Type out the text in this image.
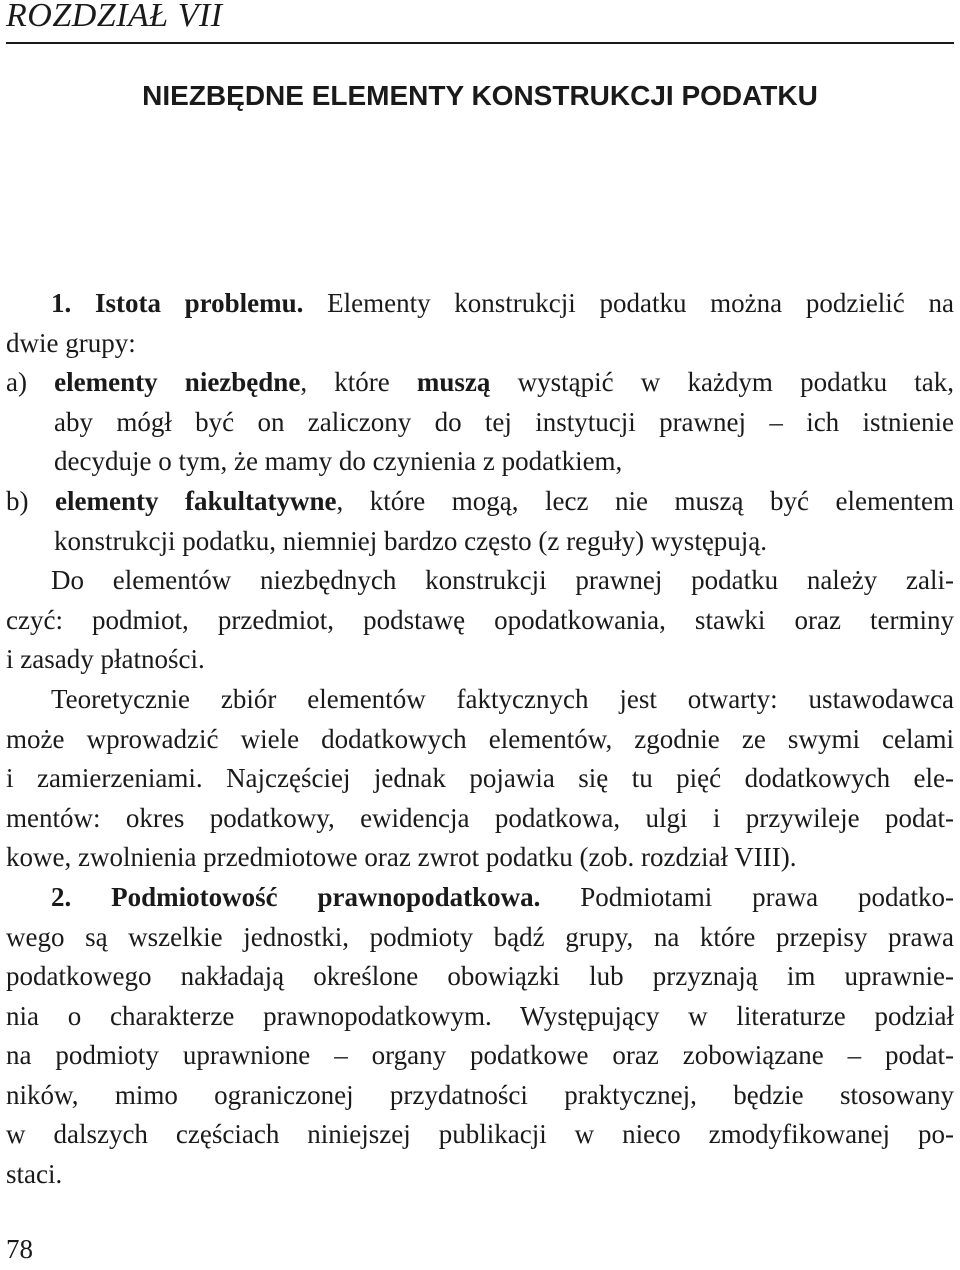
ROZDZIAŁ VII
NIEZBĘDNE ELEMENTY KONSTRUKCJI PODATKU
1. Istota problemu. Elementy konstrukcji podatku można podzielić na
dwie grupy:
a) elementy niezbędne, które muszą wystąpić w każdym podatku tak,
aby mógł być on zaliczony do tej instytucji prawnej – ich istnienie
decyduje o tym, że mamy do czynienia z podatkiem,
b) elementy fakultatywne, które mogą, lecz nie muszą być elementem
konstrukcji podatku, niemniej bardzo często (z reguły) występują.
Do elementów niezbędnych konstrukcji prawnej podatku należy zali-
czyć: podmiot, przedmiot, podstawę opodatkowania, stawki oraz terminy
i zasady płatności.
Teoretycznie zbiór elementów faktycznych jest otwarty: ustawodawca
może wprowadzić wiele dodatkowych elementów, zgodnie ze swymi celami
i zamierzeniami. Najczęściej jednak pojawia się tu pięć dodatkowych ele-
mentów: okres podatkowy, ewidencja podatkowa, ulgi i przywileje podat-
kowe, zwolnienia przedmiotowe oraz zwrot podatku (zob. rozdział VIII).
2. Podmiotowość prawnopodatkowa. Podmiotami prawa podatko-
wego są wszelkie jednostki, podmioty bądź grupy, na które przepisy prawa
podatkowego nakładają określone obowiązki lub przyznają im uprawnie-
nia o charakterze prawnopodatkowym. Występujący w literaturze podział
na podmioty uprawnione – organy podatkowe oraz zobowiązane – podat-
ników, mimo ograniczonej przydatności praktycznej, będzie stosowany
w dalszych częściach niniejszej publikacji w nieco zmodyfikowanej po-
staci.
78
